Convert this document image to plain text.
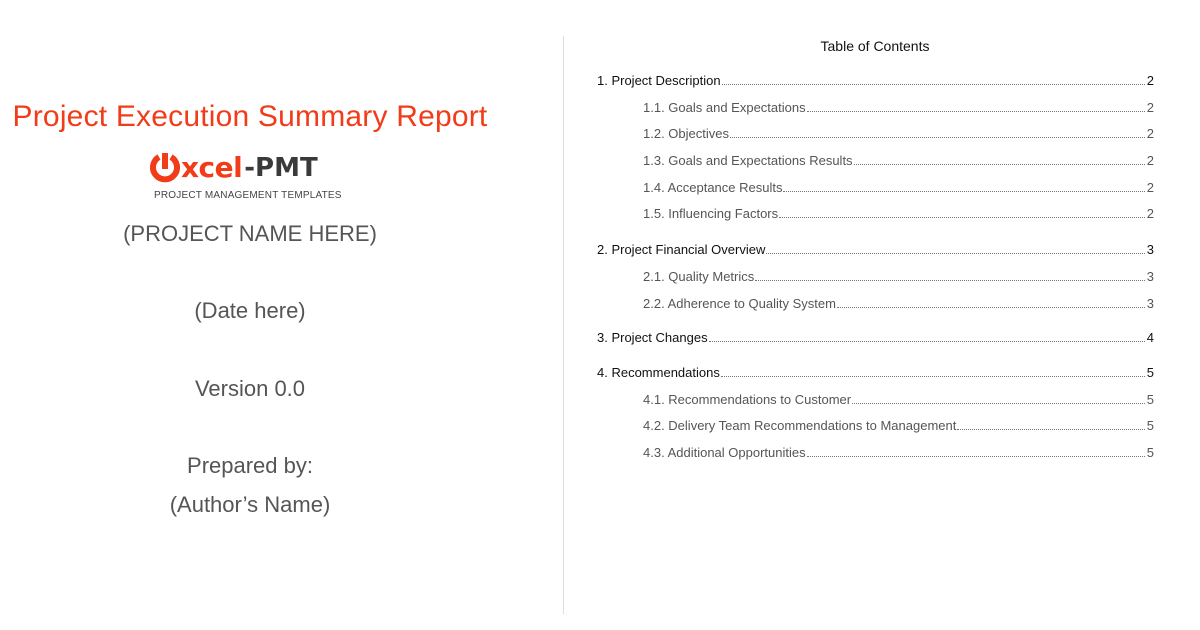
Project Execution Summary Report
xcel -PMT
PROJECT MANAGEMENT TEMPLATES
(PROJECT NAME HERE)
(Date here)
Version 0.0
Prepared by:
(Author’s Name)
Table of Contents
1. Project Description	2
1.1. Goals and Expectations	2
1.2. Objectives	2
1.3. Goals and Expectations Results	2
1.4. Acceptance Results	2
1.5. Influencing Factors	2
2. Project Financial Overview	3
2.1. Quality Metrics	3
2.2. Adherence to Quality System	3
3. Project Changes	4
4. Recommendations	5
4.1. Recommendations to Customer	5
4.2. Delivery Team Recommendations to Management	5
4.3. Additional Opportunities	5
